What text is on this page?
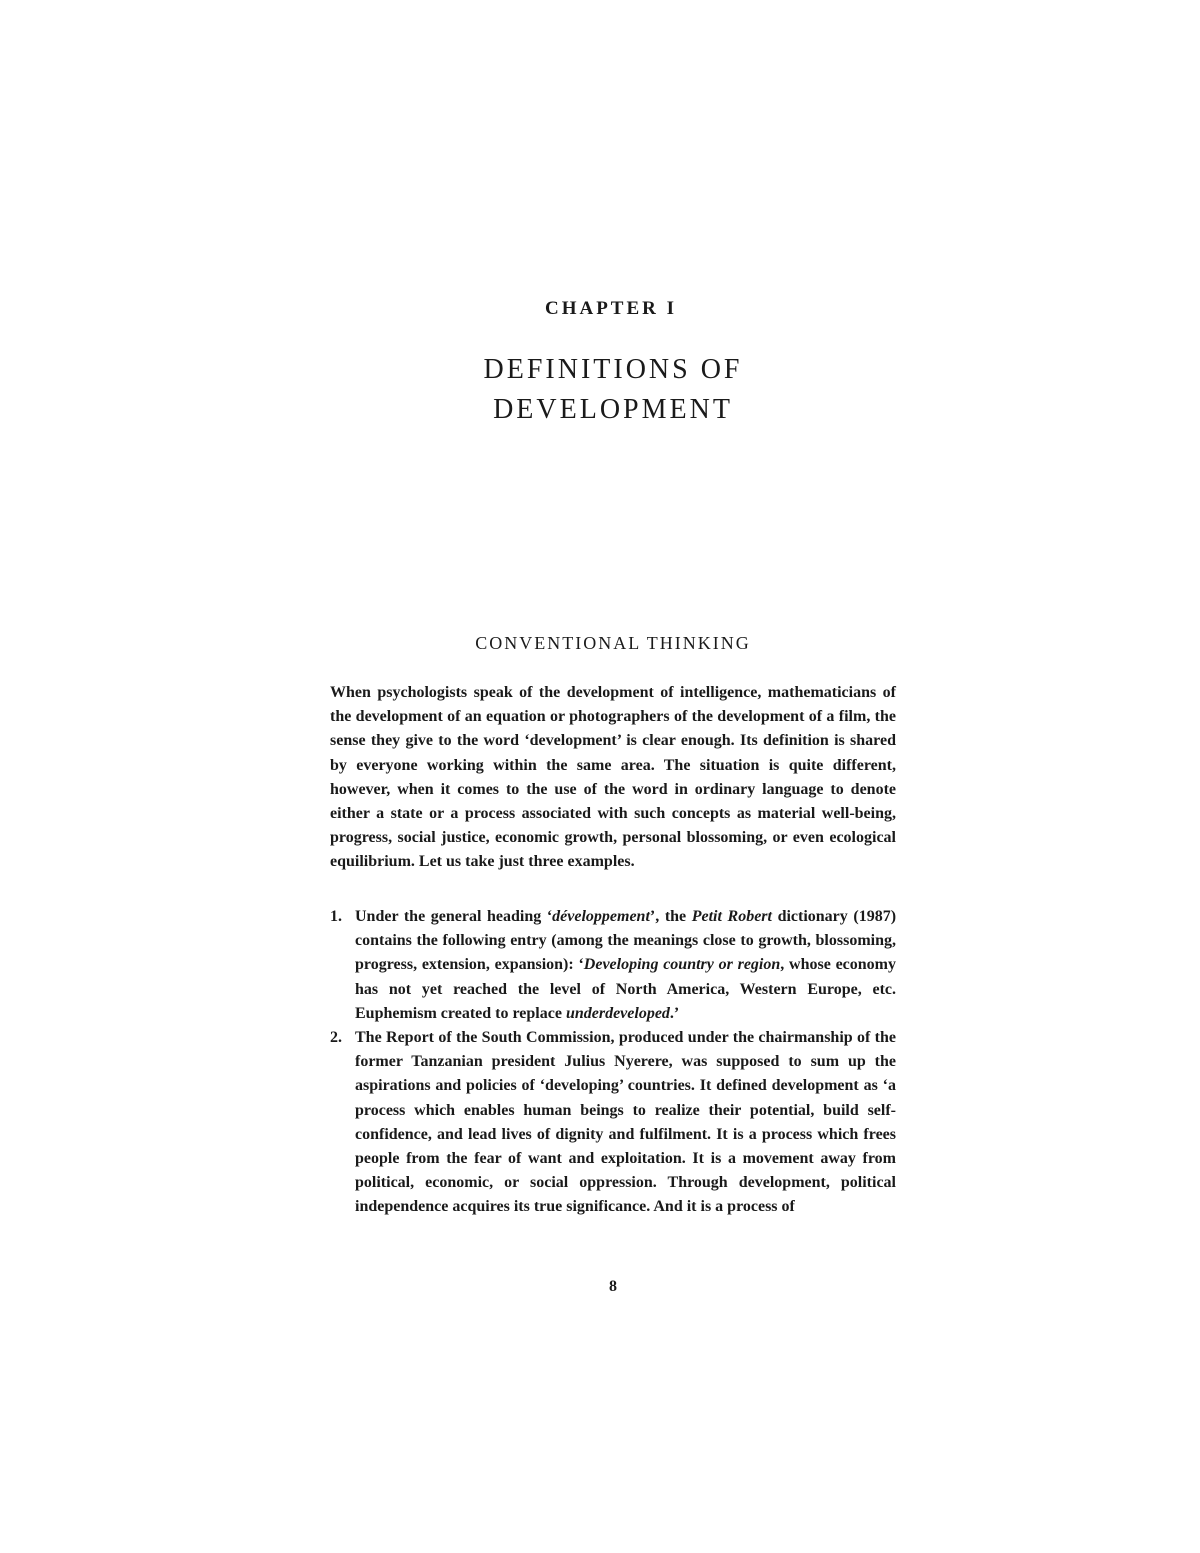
CHAPTER I
DEFINITIONS OF
DEVELOPMENT
CONVENTIONAL THINKING

When psychologists speak of the development of intelligence, mathematicians of the development of an equation or photographers of the development of a film, the sense they give to the word ‘development’ is clear enough. Its definition is shared by everyone working within the same area. The situation is quite different, however, when it comes to the use of the word in ordinary language to denote either a state or a process associated with such concepts as material well-being, progress, social justice, economic growth, personal blossoming, or even ecological equilibrium. Let us take just three examples.

1. Under the general heading ‘développement’, the Petit Robert dictionary (1987) contains the following entry (among the meanings close to growth, blossoming, progress, extension, expansion): ‘Developing country or region, whose economy has not yet reached the level of North America, Western Europe, etc. Euphemism created to replace underdeveloped.’
2. The Report of the South Commission, produced under the chairmanship of the former Tanzanian president Julius Nyerere, was supposed to sum up the aspirations and policies of ‘developing’ countries. It defined development as ‘a process which enables human beings to realize their potential, build self-confidence, and lead lives of dignity and fulfilment. It is a process which frees people from the fear of want and exploitation. It is a movement away from political, economic, or social oppression. Through development, political independence acquires its true significance. And it is a process of
8
